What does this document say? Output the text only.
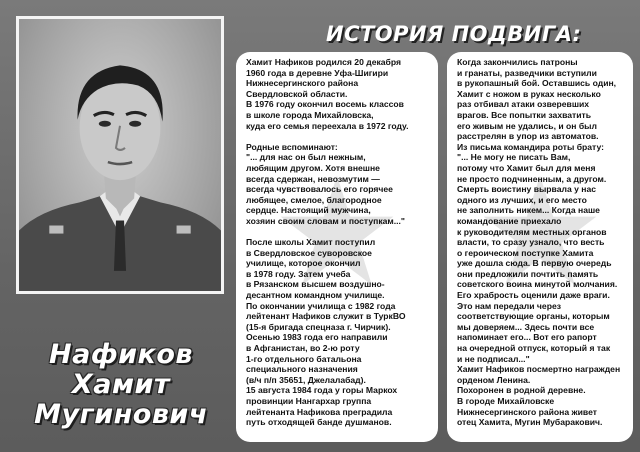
Нафиков
Хамит
Мугинович
ИСТОРИЯ ПОДВИГА:

Хамит Нафиков родился 20 декабря
1960 года в деревне Уфа-Шигири
Нижнесергинского района
Свердловской области.
В 1976 году окончил восемь классов
в школе города Михайловска,
куда его семья переехала в 1972 году.

Родные вспоминают:
"... для нас он был нежным,
любящим другом. Хотя внешне
всегда сдержан, невозмутим —
всегда чувствовалось его горячее
любящее, смелое, благородное
сердце. Настоящий мужчина,
хозяин своим словам и поступкам..."

После школы Хамит поступил
в Свердловское суворовское
училище, которое окончил
в 1978 году. Затем учеба
в Рязанском высшем воздушно-
десантном командном училище.
По окончании училища с 1982 года
лейтенант Нафиков служит в ТуркВО
(15-я бригада спецназа г. Чирчик).
Осенью 1983 года его направили
в Афганистан, во 2-ю роту
1-го отдельного батальона
специального назначения
(в/ч п/п 35651, Джелалабад).
15 августа 1984 года у горы Маркох
провинции Нангархар группа
лейтенанта Нафикова преградила
путь отходящей банде душманов.

Когда закончились патроны
и гранаты, разведчики вступили
в рукопашный бой. Оставшись один,
Хамит с ножом в руках несколько
раз отбивал атаки озверевших
врагов. Все попытки захватить
его живым не удались, и он был
расстрелян в упор из автоматов.

Из письма командира роты брату:
"... Не могу не писать Вам,
потому что Хамит был для меня
не просто подчиненным, а другом.
Смерть воистину вырвала у нас
одного из лучших, и его место
не заполнить никем... Когда наше
командование приехало
к руководителям местных органов
власти, то сразу узнало, что весть
о героическом поступке Хамита
уже дошла сюда. В первую очередь
они предложили почтить память
советского воина минутой молчания.
Его храбрость оценили даже враги.
Это нам передали через
соответствующие органы, которым
мы доверяем... Здесь почти все
напоминает его... Вот его рапорт
на очередной отпуск, который я так
и не подписал..."
Хамит Нафиков посмертно награжден
орденом Ленина.
Похоронен в родной деревне.
В городе Михайловске
Нижнесергинского района живет
отец Хамита, Мугин Мубаракович.
